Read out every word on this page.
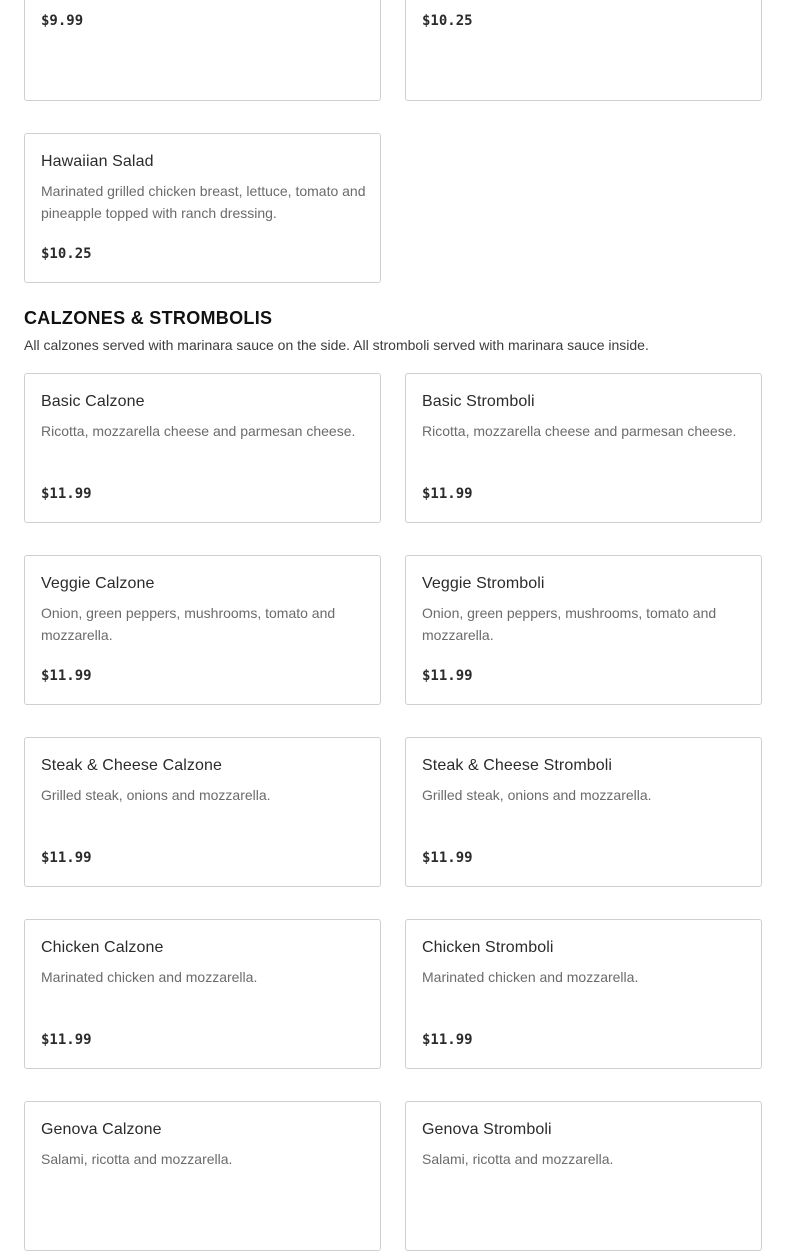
$9.99	$10.25
Hawaiian Salad
Marinated grilled chicken breast, lettuce, tomato and pineapple topped with ranch dressing.
$10.25
CALZONES & STROMBOLIS
All calzones served with marinara sauce on the side. All stromboli served with marinara sauce inside.
Basic Calzone
Ricotta, mozzarella cheese and parmesan cheese.
$11.99
Basic Stromboli
Ricotta, mozzarella cheese and parmesan cheese.
$11.99
Veggie Calzone
Onion, green peppers, mushrooms, tomato and mozzarella.
$11.99
Veggie Stromboli
Onion, green peppers, mushrooms, tomato and mozzarella.
$11.99
Steak & Cheese Calzone
Grilled steak, onions and mozzarella.
$11.99
Steak & Cheese Stromboli
Grilled steak, onions and mozzarella.
$11.99
Chicken Calzone
Marinated chicken and mozzarella.
$11.99
Chicken Stromboli
Marinated chicken and mozzarella.
$11.99
Genova Calzone
Salami, ricotta and mozzarella.
Genova Stromboli
Salami, ricotta and mozzarella.
